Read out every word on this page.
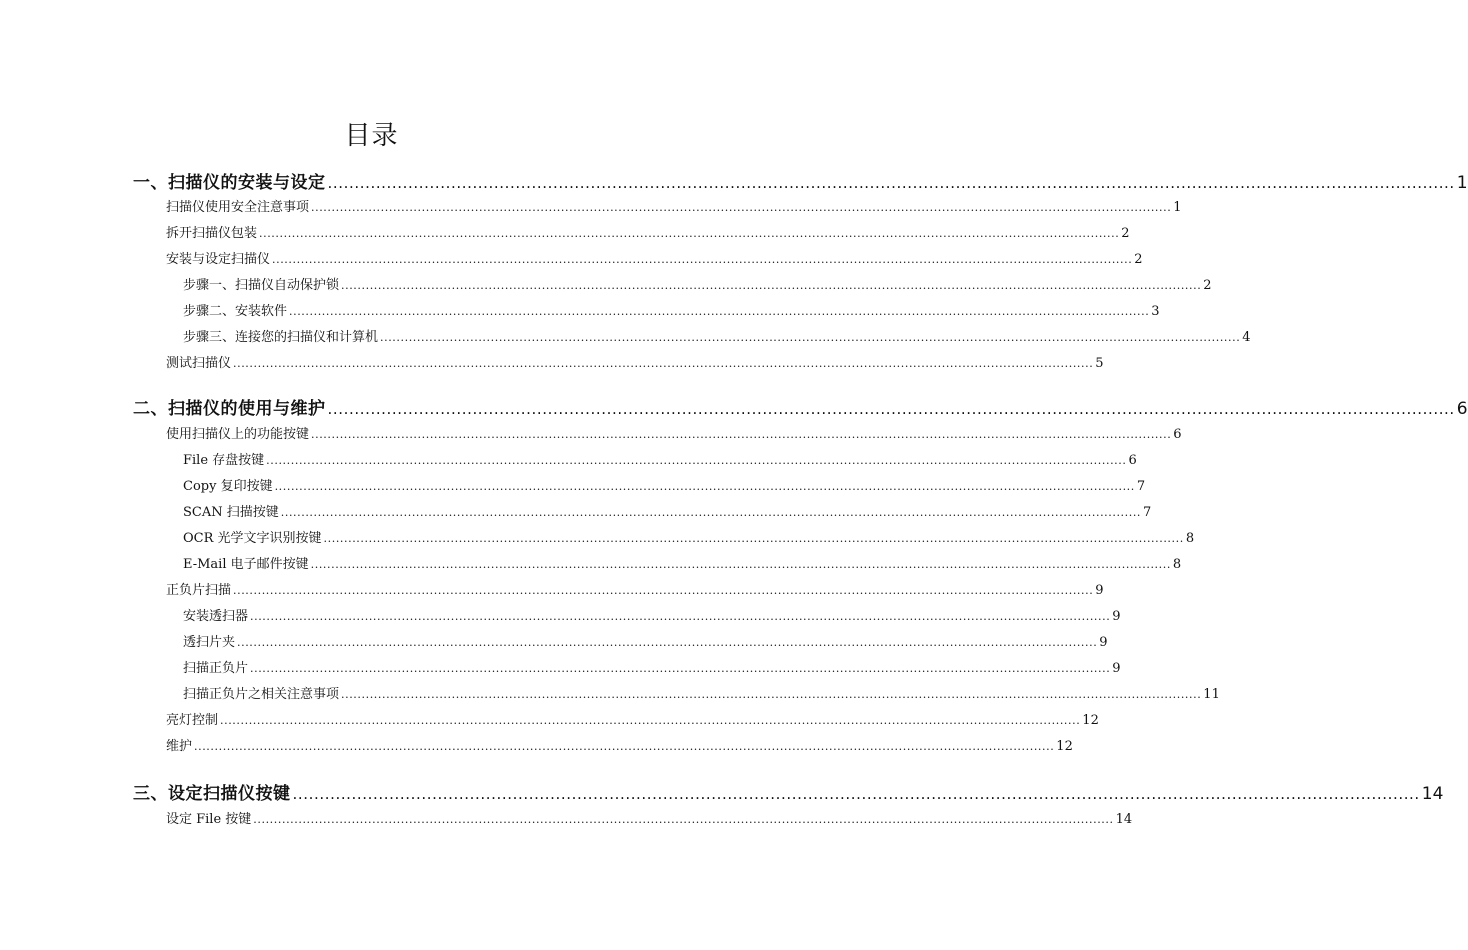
目录
一、扫描仪的安装与设定 .................................................................................................................................................................................................................. 1
扫描仪使用安全注意事项 .................................................................................................................................................................................................................. 1
拆开扫描仪包装 .................................................................................................................................................................................................................. 2
安装与设定扫描仪 .................................................................................................................................................................................................................. 2
步骤一、扫描仪自动保护锁 .................................................................................................................................................................................................................. 2
步骤二、安装软件 .................................................................................................................................................................................................................. 3
步骤三、连接您的扫描仪和计算机 .................................................................................................................................................................................................................. 4
测试扫描仪 .................................................................................................................................................................................................................. 5
二、扫描仪的使用与维护 .................................................................................................................................................................................................................. 6
使用扫描仪上的功能按键 .................................................................................................................................................................................................................. 6
File 存盘按键 .................................................................................................................................................................................................................. 6
Copy 复印按键 .................................................................................................................................................................................................................. 7
SCAN 扫描按键 .................................................................................................................................................................................................................. 7
OCR 光学文字识别按键 .................................................................................................................................................................................................................. 8
E-Mail 电子邮件按键 .................................................................................................................................................................................................................. 8
正负片扫描 .................................................................................................................................................................................................................. 9
安装透扫器 .................................................................................................................................................................................................................. 9
透扫片夹 .................................................................................................................................................................................................................. 9
扫描正负片 .................................................................................................................................................................................................................. 9
扫描正负片之相关注意事项 .................................................................................................................................................................................................................. 11
亮灯控制 .................................................................................................................................................................................................................. 12
维护 .................................................................................................................................................................................................................. 12
三、设定扫描仪按键 .................................................................................................................................................................................................................. 14
设定 File 按键 .................................................................................................................................................................................................................. 14
